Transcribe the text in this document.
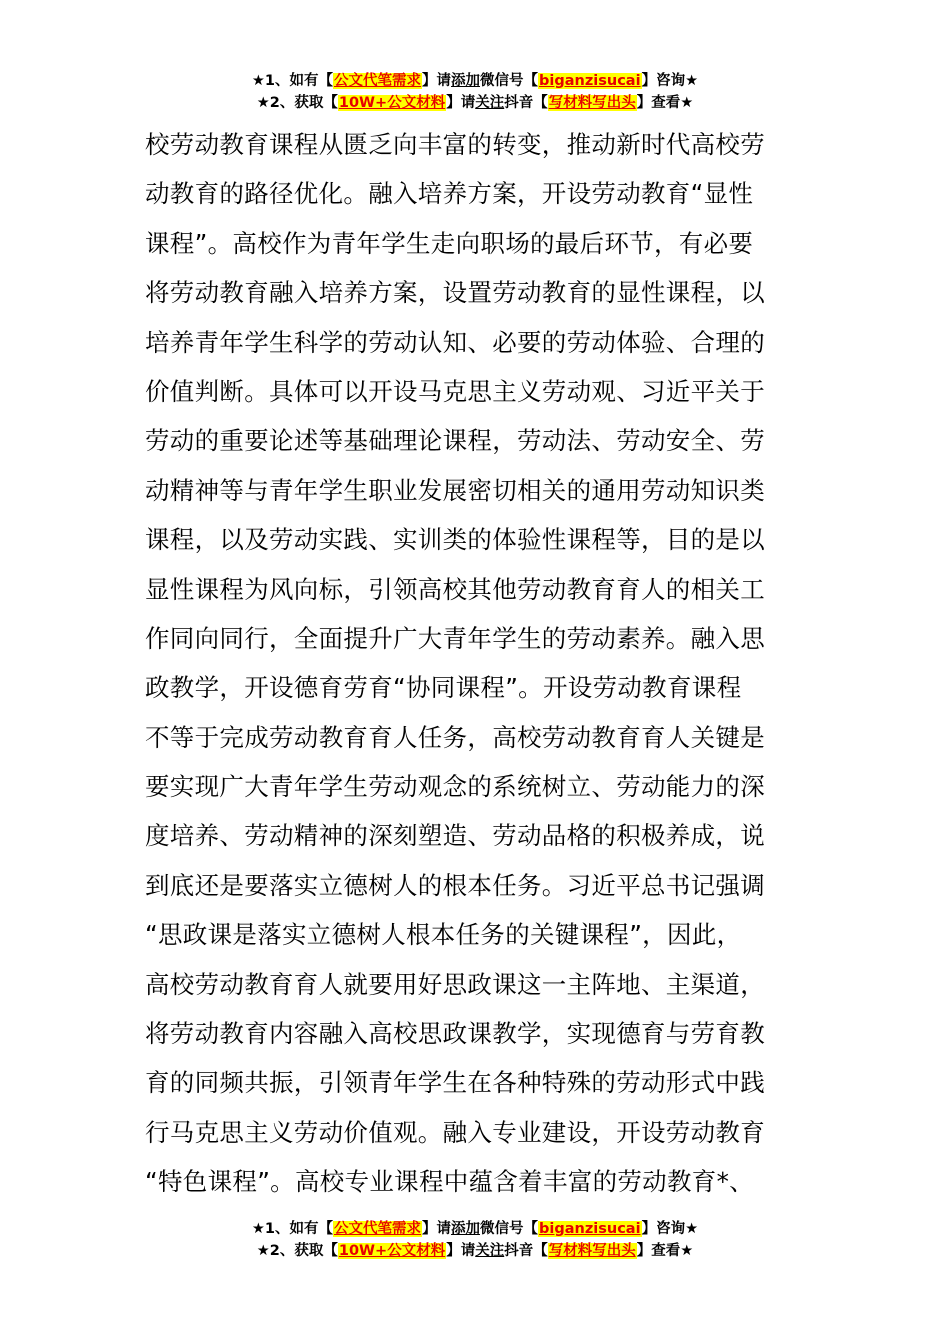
★1、如有【公文代笔需求】请添加微信号【biganzisucai】咨询★
★2、获取【10W+公文材料】请关注抖音【写材料写出头】查看★
校劳动教育课程从匮乏向丰富的转变，推动新时代高校劳
动教育的路径优化。融入培养方案，开设劳动教育“显性
课程”。高校作为青年学生走向职场的最后环节，有必要
将劳动教育融入培养方案，设置劳动教育的显性课程，以
培养青年学生科学的劳动认知、必要的劳动体验、合理的
价值判断。具体可以开设马克思主义劳动观、习近平关于
劳动的重要论述等基础理论课程，劳动法、劳动安全、劳
动精神等与青年学生职业发展密切相关的通用劳动知识类
课程，以及劳动实践、实训类的体验性课程等，目的是以
显性课程为风向标，引领高校其他劳动教育育人的相关工
作同向同行，全面提升广大青年学生的劳动素养。融入思
政教学，开设德育劳育“协同课程”。开设劳动教育课程
不等于完成劳动教育育人任务，高校劳动教育育人关键是
要实现广大青年学生劳动观念的系统树立、劳动能力的深
度培养、劳动精神的深刻塑造、劳动品格的积极养成，说
到底还是要落实立德树人的根本任务。习近平总书记强调
“思政课是落实立德树人根本任务的关键课程”，因此，
高校劳动教育育人就要用好思政课这一主阵地、主渠道，
将劳动教育内容融入高校思政课教学，实现德育与劳育教
育的同频共振，引领青年学生在各种特殊的劳动形式中践
行马克思主义劳动价值观。融入专业建设，开设劳动教育
“特色课程”。高校专业课程中蕴含着丰富的劳动教育*、
★1、如有【公文代笔需求】请添加微信号【biganzisucai】咨询★
★2、获取【10W+公文材料】请关注抖音【写材料写出头】查看★
